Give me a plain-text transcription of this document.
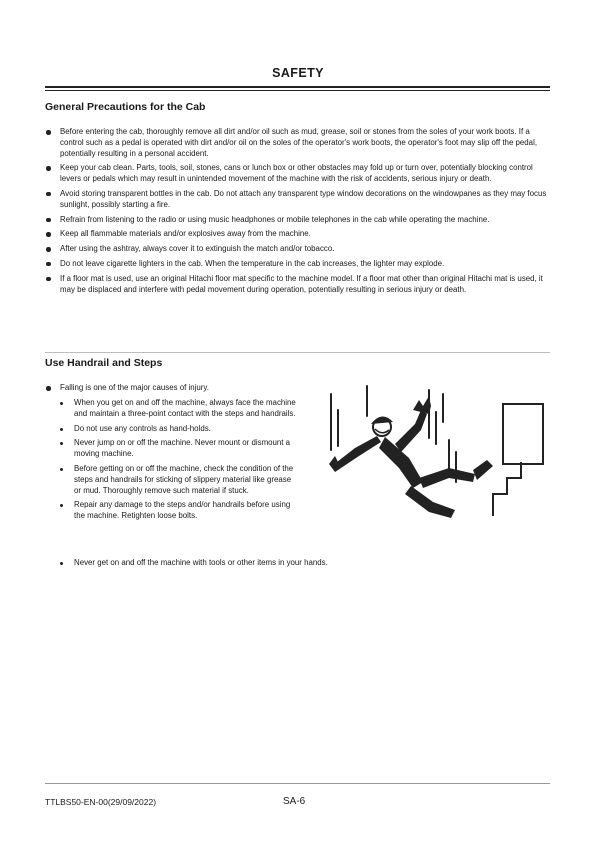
SAFETY
General Precautions for the Cab
Before entering the cab, thoroughly remove all dirt and/or oil such as mud, grease, soil or stones from the soles of your work boots. If a control such as a pedal is operated with dirt and/or oil on the soles of the operator's work boots, the operator's foot may slip off the pedal, potentially resulting in a personal accident.
Keep your cab clean. Parts, tools, soil, stones, cans or lunch box or other obstacles may fold up or turn over, potentially blocking control levers or pedals which may result in unintended movement of the machine with the risk of accidents, serious injury or death.
Avoid storing transparent bottles in the cab. Do not attach any transparent type window decorations on the windowpanes as they may focus sunlight, possibly starting a fire.
Refrain from listening to the radio or using music headphones or mobile telephones in the cab while operating the machine.
Keep all flammable materials and/or explosives away from the machine.
After using the ashtray, always cover it to extinguish the match and/or tobacco.
Do not leave cigarette lighters in the cab. When the temperature in the cab increases, the lighter may explode.
If a floor mat is used, use an original Hitachi floor mat specific to the machine model. If a floor mat other than original Hitachi mat is used, it may be displaced and interfere with pedal movement during operation, potentially resulting in serious injury or death.
Use Handrail and Steps
Falling is one of the major causes of injury.
When you get on and off the machine, always face the machine and maintain a three-point contact with the steps and handrails.
Do not use any controls as hand-holds.
Never jump on or off the machine. Never mount or dismount a moving machine.
Before getting on or off the machine, check the condition of the steps and handrails for sticking of slippery material like grease or mud. Thoroughly remove such material if stuck.
Repair any damage to the steps and/or handrails before using the machine. Retighten loose bolts.
Never get on and off the machine with tools or other items in your hands.
TTLBS50-EN-00(29/09/2022)	SA-6
